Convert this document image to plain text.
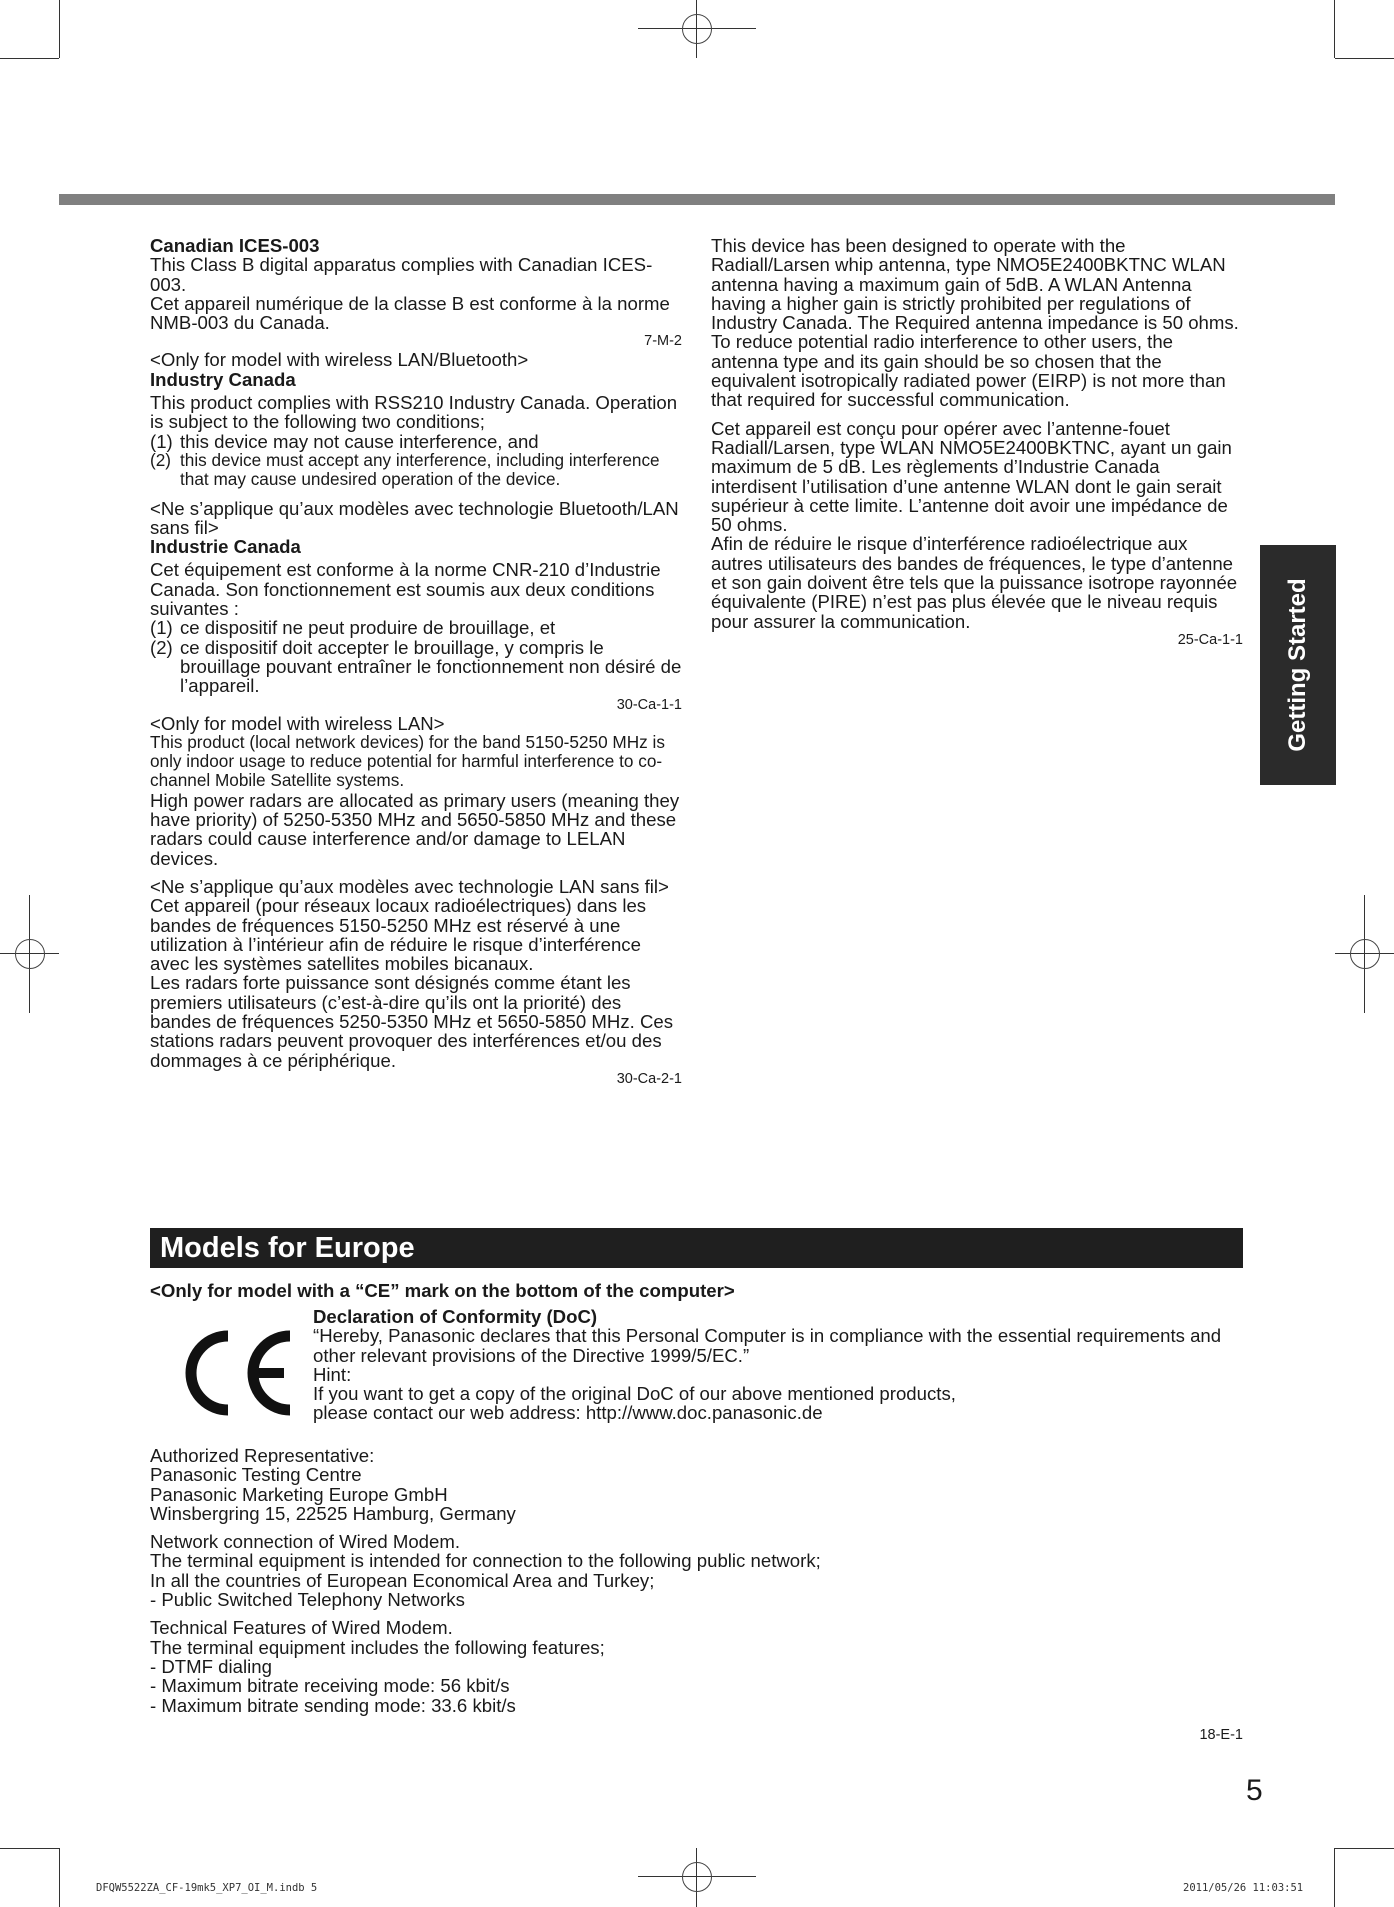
Getting Started

Canadian ICES-003

This Class B digital apparatus complies with Canadian ICES-003.

Cet appareil numérique de la classe B est conforme à la norme NMB-003 du Canada.

7-M-2

<Only for model with wireless LAN/Bluetooth>

Industry Canada

This product complies with RSS210 Industry Canada. Operation is subject to the following two conditions;

(1) this device may not cause interference, and
(2) this device must accept any interference, including interference that may cause undesired operation of the device.

<Ne s’applique qu’aux modèles avec technologie Bluetooth/LAN sans fil>

Industrie Canada

Cet équipement est conforme à la norme CNR-210 d’Industrie Canada. Son fonctionnement est soumis aux deux conditions suivantes :

(1) ce dispositif ne peut produire de brouillage, et
(2) ce dispositif doit accepter le brouillage, y compris le brouillage pouvant entraîner le fonctionnement non désiré de l’appareil.

30-Ca-1-1

<Only for model with wireless LAN>

This product (local network devices) for the band 5150-5250 MHz is only indoor usage to reduce potential for harmful interference to co-channel Mobile Satellite systems.

High power radars are allocated as primary users (meaning they have priority) of 5250-5350 MHz and 5650-5850 MHz and these radars could cause interference and/or damage to LELAN devices.

<Ne s’applique qu’aux modèles avec technologie LAN sans fil>

Cet appareil (pour réseaux locaux radioélectriques) dans les bandes de fréquences 5150-5250 MHz est réservé à une utilization à l’intérieur afin de réduire le risque d’interférence avec les systèmes satellites mobiles bicanaux.

Les radars forte puissance sont désignés comme étant les premiers utilisateurs (c’est-à-dire qu’ils ont la priorité) des bandes de fréquences 5250-5350 MHz et 5650-5850 MHz. Ces stations radars peuvent provoquer des interférences et/ou des dommages à ce périphérique.

30-Ca-2-1

This device has been designed to operate with the Radiall/Larsen whip antenna, type NMO5E2400BKTNC WLAN antenna having a maximum gain of 5dB. A WLAN Antenna having a higher gain is strictly prohibited per regulations of Industry Canada. The Required antenna impedance is 50 ohms.

To reduce potential radio interference to other users, the antenna type and its gain should be so chosen that the equivalent isotropically radiated power (EIRP) is not more than that required for successful communication.

Cet appareil est conçu pour opérer avec l’antenne-fouet Radiall/Larsen, type WLAN NMO5E2400BKTNC, ayant un gain maximum de 5 dB. Les règlements d’Industrie Canada interdisent l’utilisation d’une antenne WLAN dont le gain serait supérieur à cette limite. L’antenne doit avoir une impédance de 50 ohms.

Afin de réduire le risque d’interférence radioélectrique aux autres utilisateurs des bandes de fréquences, le type d’antenne et son gain doivent être tels que la puissance isotrope rayonnée équivalente (PIRE) n’est pas plus élevée que le niveau requis pour assurer la communication.

25-Ca-1-1

Models for Europe
<Only for model with a “CE” mark on the bottom of the computer>

Declaration of Conformity (DoC)

“Hereby, Panasonic declares that this Personal Computer is in compliance with the essential requirements and other relevant provisions of the Directive 1999/5/EC.”

Hint:

If you want to get a copy of the original DoC of our above mentioned products,

please contact our web address: http://www.doc.panasonic.de

Authorized Representative:

Panasonic Testing Centre

Panasonic Marketing Europe GmbH

Winsbergring 15, 22525 Hamburg, Germany

Network connection of Wired Modem.

The terminal equipment is intended for connection to the following public network;

In all the countries of European Economical Area and Turkey;

- Public Switched Telephony Networks

Technical Features of Wired Modem.

The terminal equipment includes the following features;

- DTMF dialing

- Maximum bitrate receiving mode: 56 kbit/s

- Maximum bitrate sending mode: 33.6 kbit/s

18-E-1
5
DFQW5522ZA_CF-19mk5_XP7_OI_M.indb 5	2011/05/26 11:03:51
